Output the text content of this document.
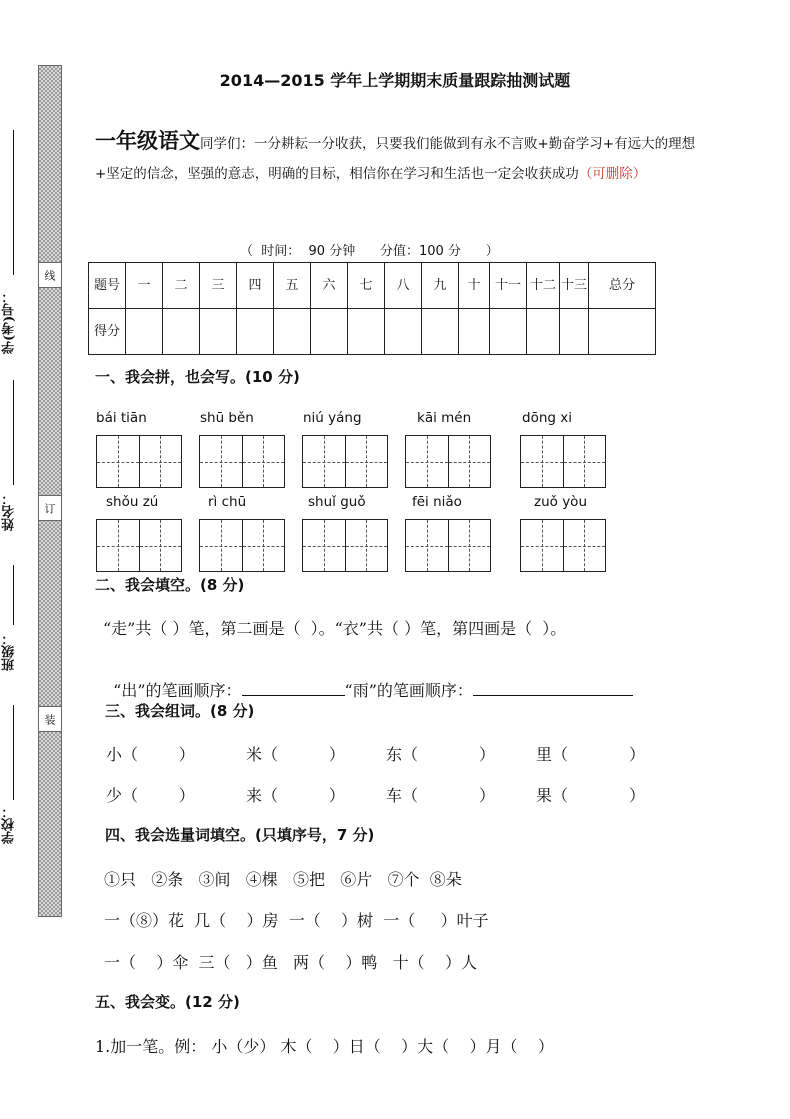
线
订
装
学(考)号：
姓名：
班级：
学校：
2014—2015 学年上学期期末质量跟踪抽测试题
一年级语文同学们：一分耕耘一分收获，只要我们能做到有永不言败+勤奋学习+有远大的理想+坚定的信念，坚强的意志，明确的目标，相信你在学习和生活也一定会收获成功（可删除）
（  时间：  90 分钟      分值：100 分      ）
题号	一	二	三	四	五	六	七	八	九	十	十一	十二	十三	总分
得分														
一、我会拼，也会写。(10 分)
bái tiān	shū běn	niú yáng	kāi mén	dōng xi
shǒu zú	rì chū	shuǐ guǒ	fēi niǎo	zuǒ yòu
二、我会填空。(8 分)
“走”共（ ）笔，第二画是（  ）。“衣”共（ ）笔，第四画是（  ）。

“出”的笔画顺序：	“雨”的笔画顺序：

三、我会组词。(8 分)
小（        ）	米（          ）	东（            ）	里（            ）
少（        ）	来（          ）	车（            ）	果（            ）
四、我会选量词填空。(只填序号，7 分)
①只   ②条   ③间   ④棵   ⑤把   ⑥片   ⑦个  ⑧朵
一（⑧）花  几（    ）房  一（    ）树  一（     ）叶子
一（    ）伞  三（   ）鱼   两（    ）鸭   十（    ）人
五、我会变。(12 分)
1.加一笔。例： 小（少） 木（    ）日（    ）大（    ）月（    ）
